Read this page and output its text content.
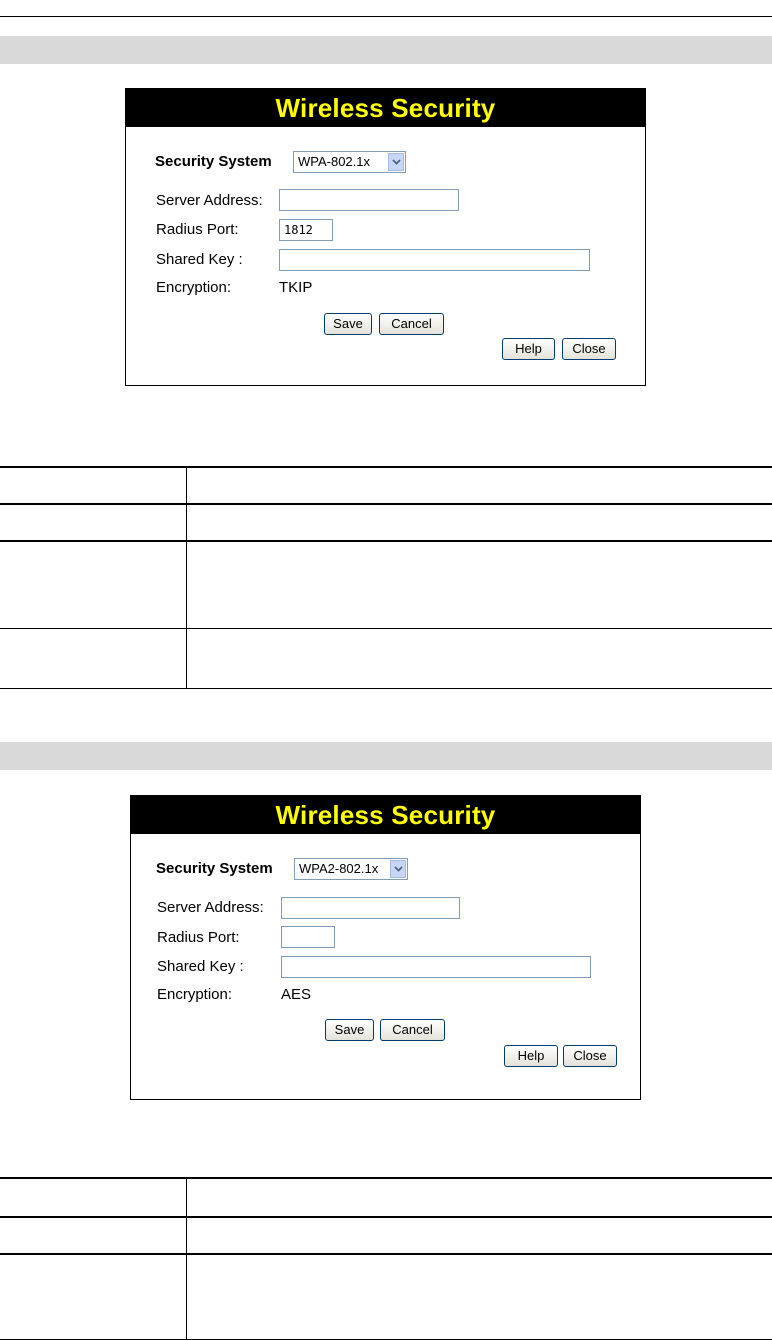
Wireless Security
Security System	WPA-802.1x
Server Address:
Radius Port:	1812
Shared Key :
Encryption:	TKIP
Save	Cancel
Help	Close

Wireless Security
Security System	WPA2-802.1x
Server Address:
Radius Port:
Shared Key :
Encryption:	AES
Save	Cancel
Help	Close
